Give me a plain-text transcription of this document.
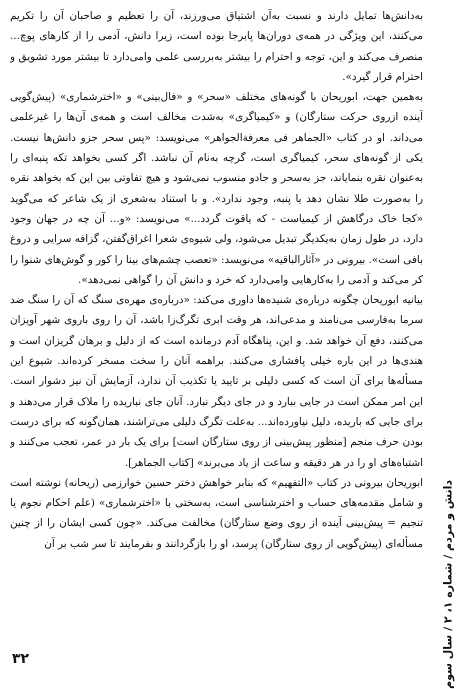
به‌دانش‌ها تمایل دارند و نسبت به‌آن اشتیاق می‌ورزند، آن را تعظیم و صاحبان آن را تکریم می‌کنند، این ویژگی در همه‌ی دوران‌ها پابرجا بوده است، زیرا دانش، آدمی را از کارهای پوچ... منصرف می‌کند و این، توجه و احترام را بیشتر به‌بررسی علمی وامی‌دارد تا بیشتر مورد تشویق و احترام قرار گیرد».

به‌همین جهت، ابوریحان با گونه‌های مختلف «سحر» و «فال‌بینی» و «اخترشماری» (پیش‌گویی آینده ازروی حرکت ستارگان) و «کیمیاگری» به‌شدت مخالف است و همه‌ی آن‌ها را غیرعلمی می‌داند. او در کتاب «الجماهر فی معرفة‌الجواهر» می‌نویسد: «پس سحر جزو دانش‌ها نیست. یکی از گونه‌های سحر، کیمیاگری است، گرچه به‌نام آن نباشد. اگر کسی بخواهد تکه پنبه‌ای را به‌عنوان نقره بنمایاند، جز به‌سحر و جادو منسوب نمی‌شود و هیچ تفاوتی بین این که بخواهد نقره را به‌صورت طلا نشان دهد یا پنبه، وجود ندارد». و با استناد به‌شعری از یک شاعر که می‌گوید «کجا خاک درگاهش از کیمیاست - که یاقوت گردد...» می‌نویسد: «و... آن چه در جهان وجود دارد، در طول زمان به‌یکدیگر تبدیل می‌شود، ولی شیوه‌ی شعرا اغراق‌گفتن، گزافه سرایی و دروغ بافی است». بیرونی در «آثارالباقیه» می‌نویسد: «تعصب چشم‌های بینا را کور و گوش‌های شنوا را کر می‌کند و آدمی را به‌کارهایی وامی‌دارد که خرد و دانش آن را گواهی نمی‌دهد».

بیانیه ابوریحان چگونه درباره‌ی شنیده‌ها داوری می‌کند: «درباره‌ی مهره‌ی سنگ که آن را سنگ ضد سرما به‌فارسی می‌نامند و مدعی‌اند، هر وقت ابری تگرگ‌زا باشد، آن را روی باروی شهر آویزان می‌کنند، دفع آن خواهد شد. و این، پناهگاه آدم درمانده است که از دلیل و برهان گریزان است و هندی‌ها در این باره خیلی پافشاری می‌کنند. براهمه آنان را سخت مسخر کرده‌اند. شیوع این مسأله‌ها برای آن است که کسی دلیلی بر تایید یا تکذیب آن ندارد، آزمایش آن نیز دشوار است. این امر ممکن است در جایی ببارد و در جای دیگر نبارد. آنان جای نباریده را ملاک قرار می‌دهند و برای جایی که باریده، دلیل نیاورده‌اند... به‌علت تگرگ دلیلی می‌تراشند، همان‌گونه که برای درست بودن حرف منجم [منظور پیش‌بینی از روی ستارگان است] برای یک بار در عمر، تعجب می‌کنند و اشتباه‌های او را در هر دقیقه و ساعت از یاد می‌برند» [کتاب الجماهر].

ابوریحان بیرونی در کتاب «التفهیم» که بنابر خواهش دختر حسین خوارزمی (ریحانه) نوشته است و شامل مقدمه‌های حساب و اخترشناسی است، به‌سختی با «اخترشماری» (علم احکام نجوم یا تنجیم = پیش‌بینی آینده از روی وضع ستارگان) مخالفت می‌کند. «چون کسی ایشان را از چنین مسأله‌ای (پیش‌گویی از روی ستارگان) پرسد، او را بازگردانند و بفرمایند تا سر شب بر آن

دانش و مردم ‌/‌ شماره ۱، ۲ / سال سوم
۳۲
